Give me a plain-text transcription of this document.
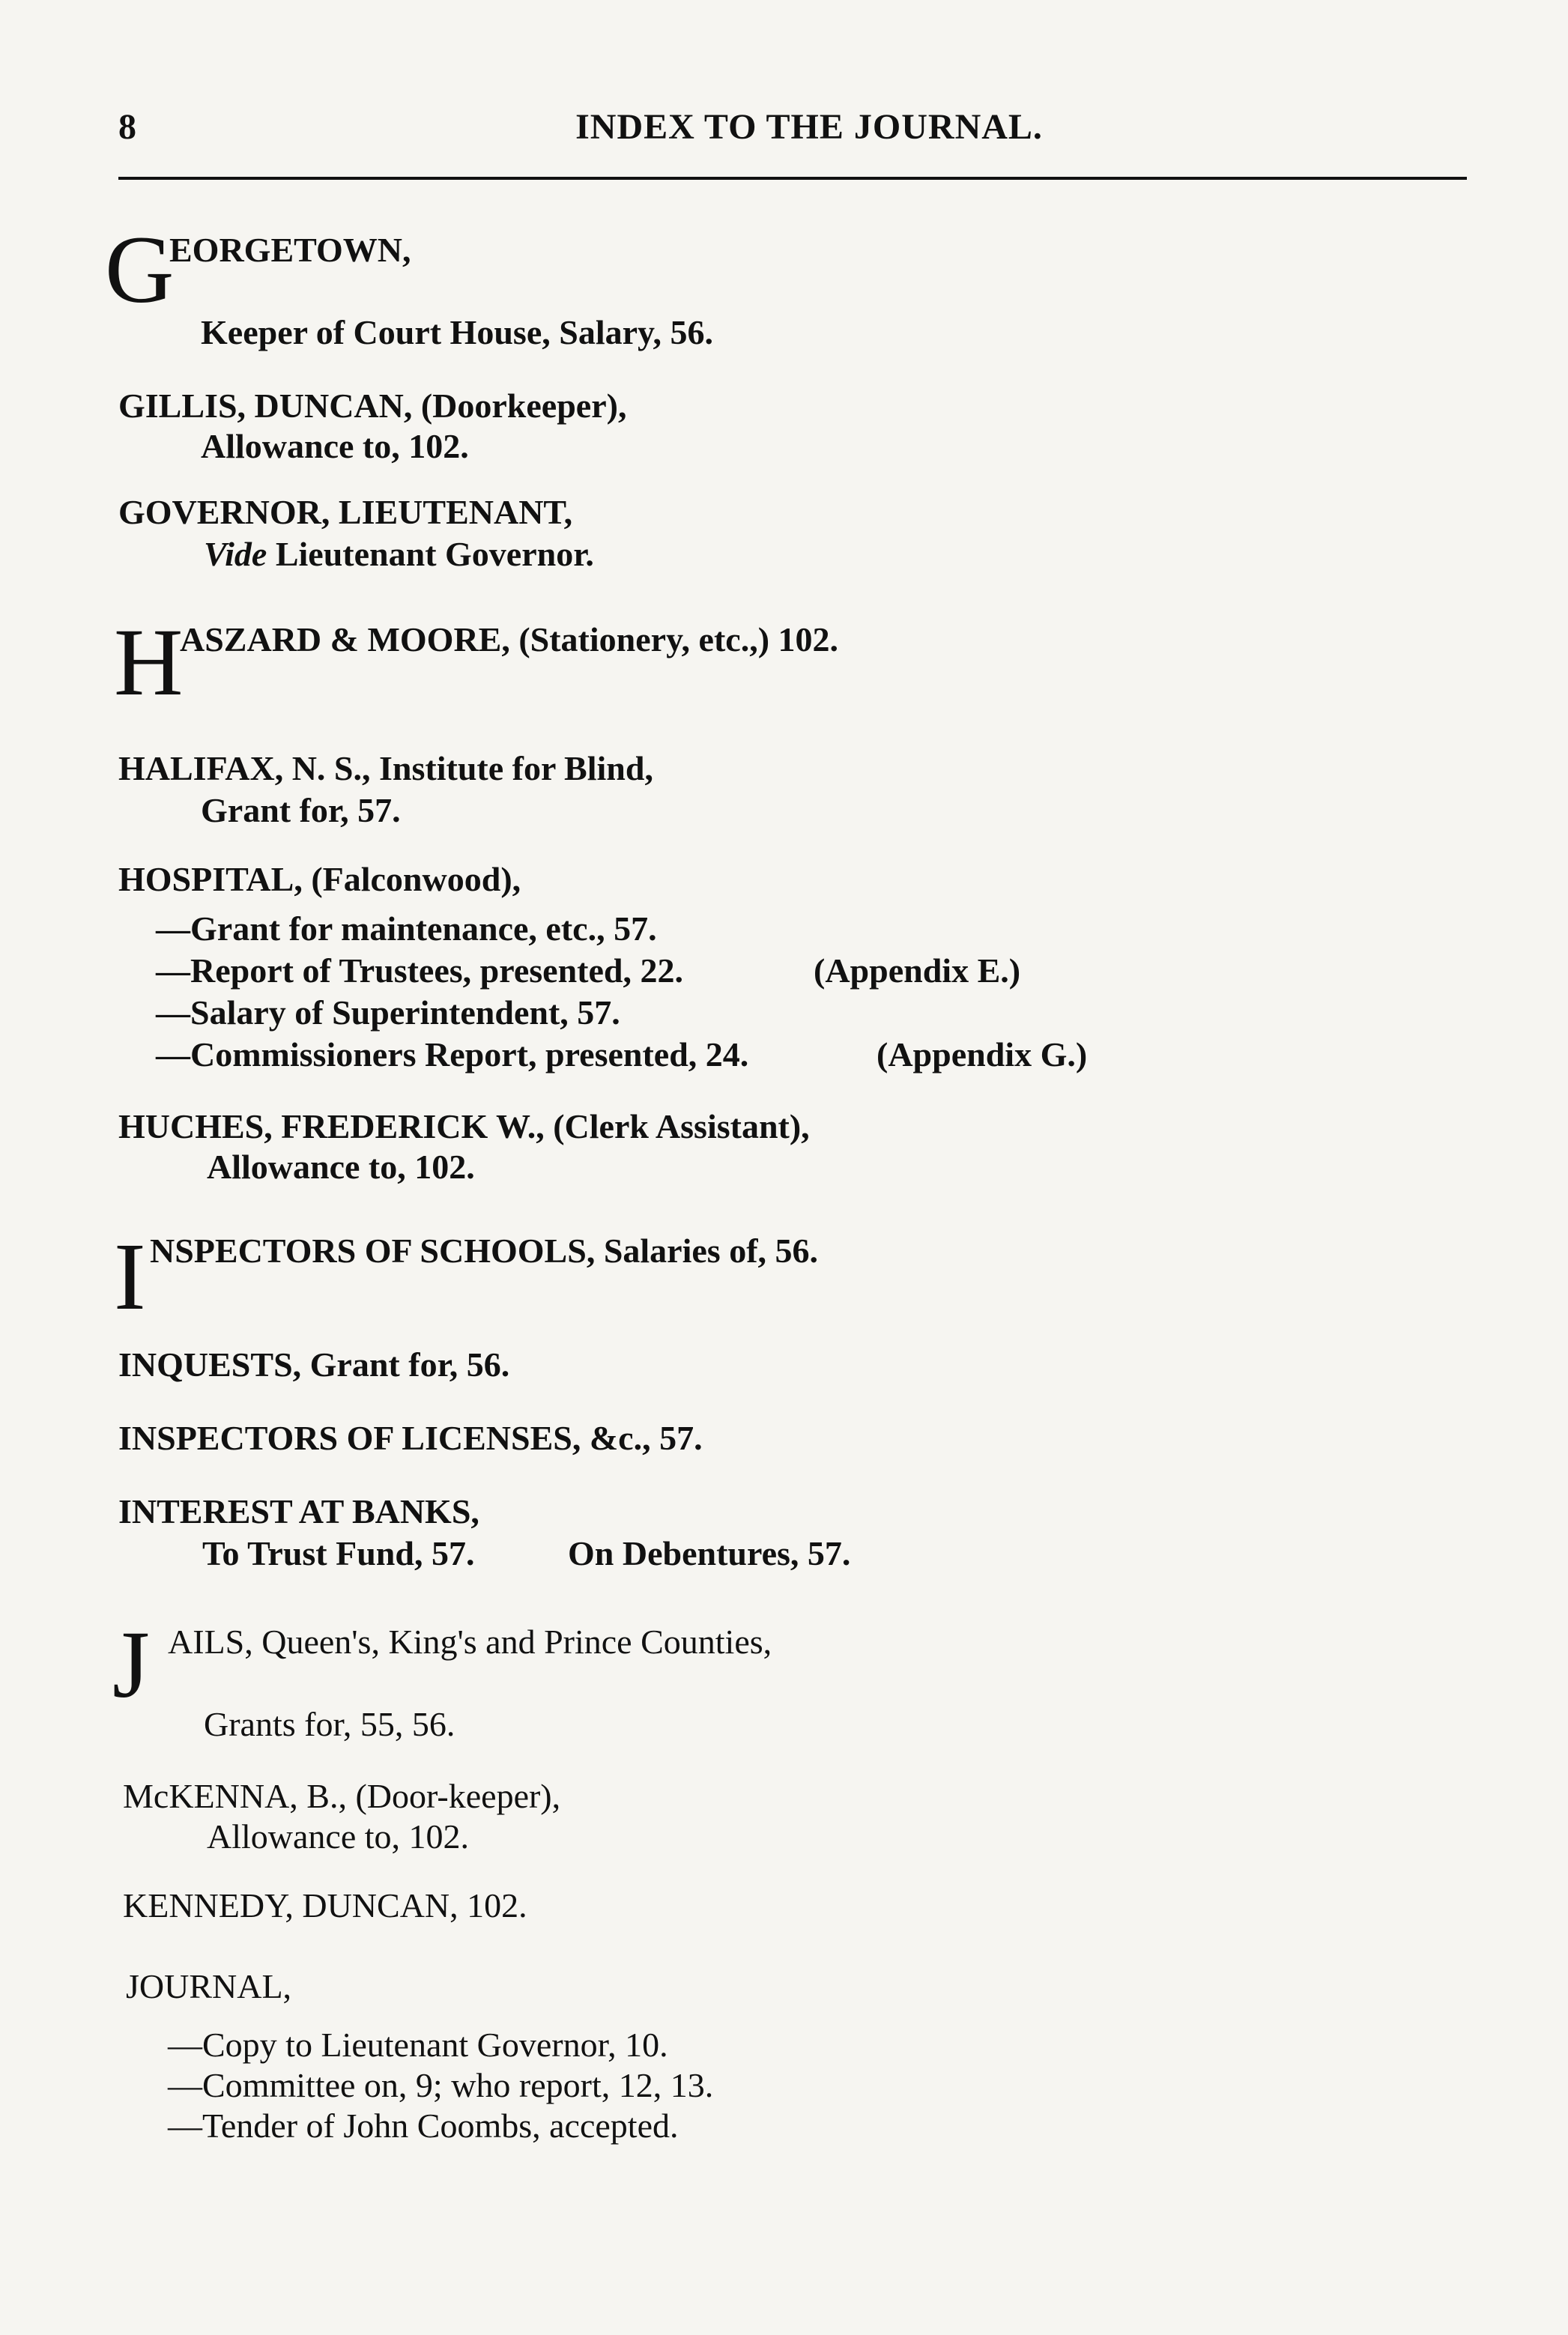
8	INDEX TO THE JOURNAL.
G
EORGETOWN,
Keeper of Court House, Salary, 56.
GILLIS, DUNCAN, (Doorkeeper),
Allowance to, 102.
GOVERNOR, LIEUTENANT,
Vide Lieutenant Governor.
H
ASZARD & MOORE, (Stationery, etc.,) 102.
HALIFAX, N. S., Institute for Blind,
Grant for, 57.
HOSPITAL, (Falconwood),
—Grant for maintenance, etc., 57.
—Report of Trustees, presented, 22.	(Appendix E.)
—Salary of Superintendent, 57.
—Commissioners Report, presented, 24.	(Appendix G.)
HUCHES, FREDERICK W., (Clerk Assistant),
Allowance to, 102.
I NSPECTORS OF SCHOOLS, Salaries of, 56.
INQUESTS, Grant for, 56.
INSPECTORS OF LICENSES, &c., 57.
INTEREST AT BANKS,
To Trust Fund, 57.	On Debentures, 57.
J AILS, Queen's, King's and Prince Counties,
Grants for, 55, 56.
McKENNA, B., (Door-keeper),
Allowance to, 102.
KENNEDY, DUNCAN, 102.
JOURNAL,
—Copy to Lieutenant Governor, 10.
—Committee on, 9; who report, 12, 13.
—Tender of John Coombs, accepted.
